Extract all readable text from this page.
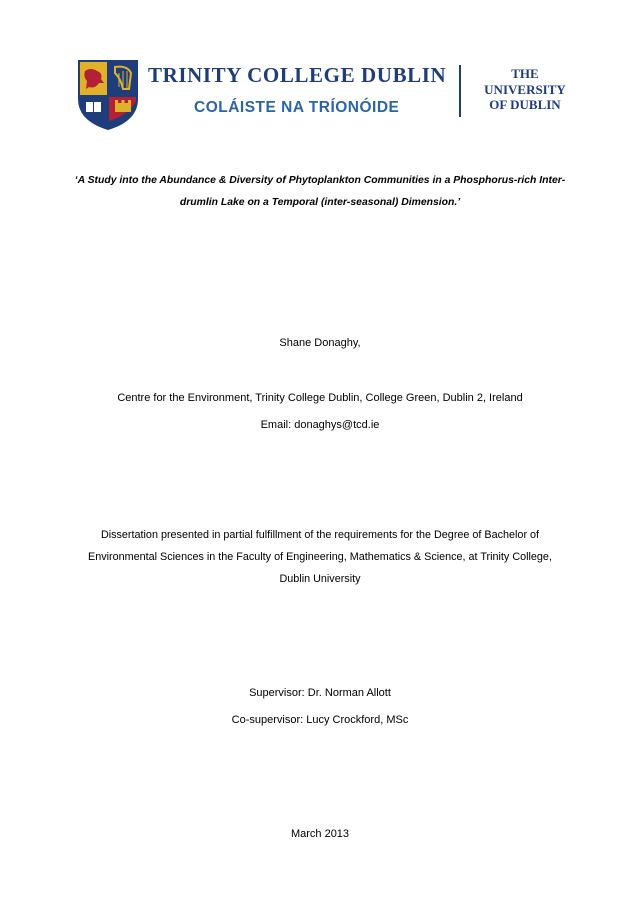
TRINITY COLLEGE DUBLIN
COLÁISTE NA TRÍONÓIDE
THE
UNIVERSITY
OF DUBLIN
‘A Study into the Abundance & Diversity of Phytoplankton Communities in a Phosphorus-rich Inter-
drumlin Lake on a Temporal (inter-seasonal) Dimension.’
Shane Donaghy,
Centre for the Environment, Trinity College Dublin, College Green, Dublin 2, Ireland
Email: donaghys@tcd.ie
Dissertation presented in partial fulfillment of the requirements for the Degree of Bachelor of
Environmental Sciences in the Faculty of Engineering, Mathematics & Science, at Trinity College,
Dublin University
Supervisor: Dr. Norman Allott
Co-supervisor: Lucy Crockford, MSc
March 2013
